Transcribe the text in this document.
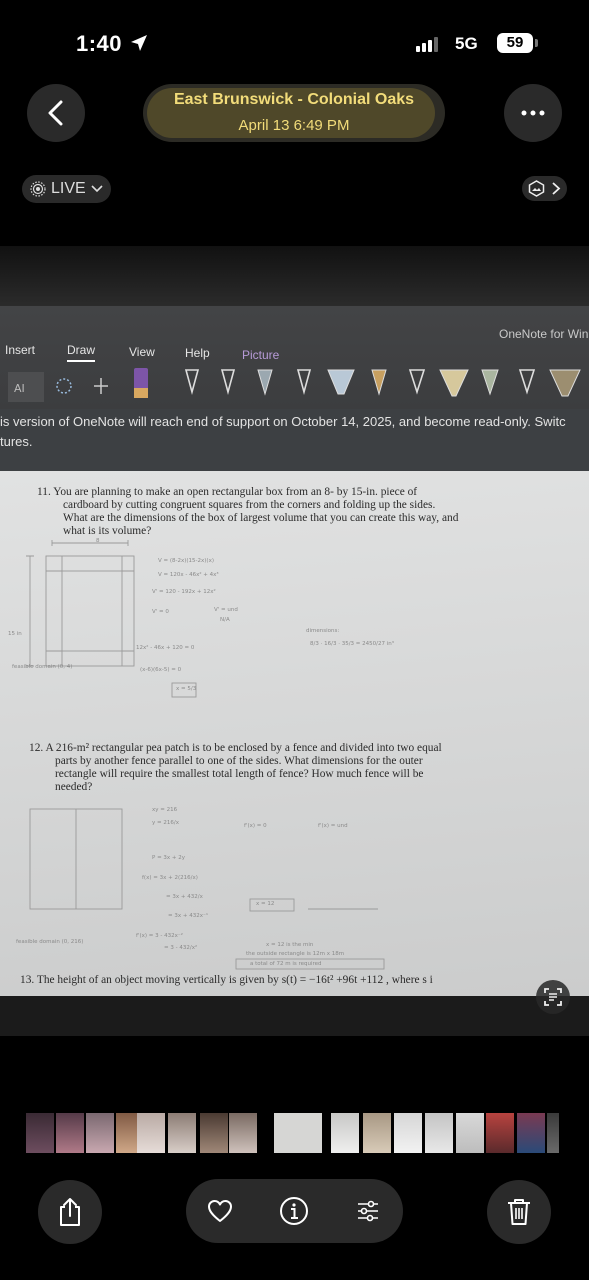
1:40	5G	59
East Brunswick - Colonial Oaks
April 13 6:49 PM
LIVE
OneNote for Win
Insert	Draw	View	Help	Picture
AI
is version of OneNote will reach end of support on October 14, 2025, and become read-only. Switc
tures.
11. You are planning to make an open rectangular box from an 8- by 15-in. piece of
cardboard by cutting congruent squares from the corners and folding up the sides.
What are the dimensions of the box of largest volume that you can create this way, and
what is its volume?
15 in
8
V = (8-2x)(15-2x)(x)
V = 120x - 46x² + 4x³
V' = 120 - 192x + 12x²
V' = 0	V' = und
N/A
dimensions:
feasible domain (0, 4)
12x² - 46x + 120 = 0
(x-6)(6x-5) = 0
x = 5/3
8/3 · 16/3 · 35/3 = 2450/27 in³
12. A 216-m² rectangular pea patch is to be enclosed by a fence and divided into two equal
parts by another fence parallel to one of the sides. What dimensions for the outer
rectangle will require the smallest total length of fence? How much fence will be
needed?
xy = 216
y = 216/x
P = 3x + 2y
f(x) = 3x + 2(216/x)
= 3x + 432/x
= 3x + 432x⁻¹
f'(x) = 3 - 432x⁻²
= 3 - 432/x²
f'(x) = 0	f'(x) = und
x = 12
x = 12 is the min
the outside rectangle is 12m x 18m
a total of 72 m is required
feasible domain (0, 216)
13. The height of an object moving vertically is given by s(t) = −16t² +96t +112 , where s i
